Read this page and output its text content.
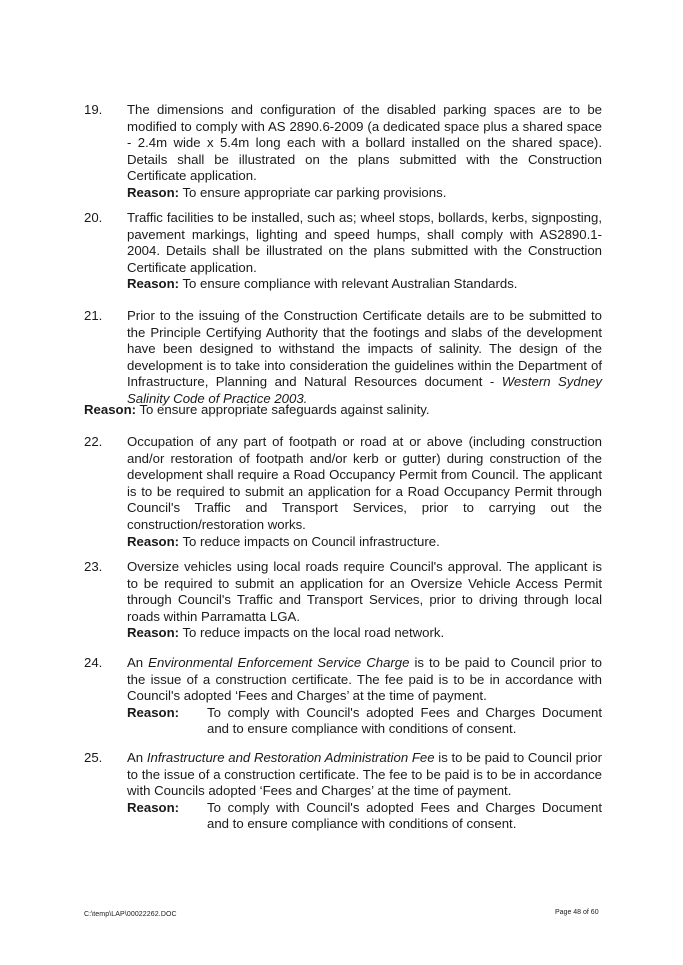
19. The dimensions and configuration of the disabled parking spaces are to be modified to comply with AS 2890.6-2009 (a dedicated space plus a shared space - 2.4m wide x 5.4m long each with a bollard installed on the shared space). Details shall be illustrated on the plans submitted with the Construction Certificate application.

Reason: To ensure appropriate car parking provisions.

20. Traffic facilities to be installed, such as; wheel stops, bollards, kerbs, signposting, pavement markings, lighting and speed humps, shall comply with AS2890.1-2004. Details shall be illustrated on the plans submitted with the Construction Certificate application.

Reason: To ensure compliance with relevant Australian Standards.

21. Prior to the issuing of the Construction Certificate details are to be submitted to the Principle Certifying Authority that the footings and slabs of the development have been designed to withstand the impacts of salinity. The design of the development is to take into consideration the guidelines within the Department of Infrastructure, Planning and Natural Resources document - Western Sydney Salinity Code of Practice 2003.

Reason: To ensure appropriate safeguards against salinity.

22. Occupation of any part of footpath or road at or above (including construction and/or restoration of footpath and/or kerb or gutter) during construction of the development shall require a Road Occupancy Permit from Council. The applicant is to be required to submit an application for a Road Occupancy Permit through Council's Traffic and Transport Services, prior to carrying out the construction/restoration works.

Reason: To reduce impacts on Council infrastructure.

23. Oversize vehicles using local roads require Council's approval. The applicant is to be required to submit an application for an Oversize Vehicle Access Permit through Council's Traffic and Transport Services, prior to driving through local roads within Parramatta LGA.

Reason: To reduce impacts on the local road network.

24. An Environmental Enforcement Service Charge is to be paid to Council prior to the issue of a construction certificate. The fee paid is to be in accordance with Council's adopted ‘Fees and Charges’ at the time of payment.

Reason:	To comply with Council's adopted Fees and Charges Document and to ensure compliance with conditions of consent.
25. An Infrastructure and Restoration Administration Fee is to be paid to Council prior to the issue of a construction certificate. The fee to be paid is to be in accordance with Councils adopted ‘Fees and Charges’ at the time of payment.

Reason:	To comply with Council's adopted Fees and Charges Document and to ensure compliance with conditions of consent.
C:\temp\LAP\00022262.DOC	Page 48 of 60
